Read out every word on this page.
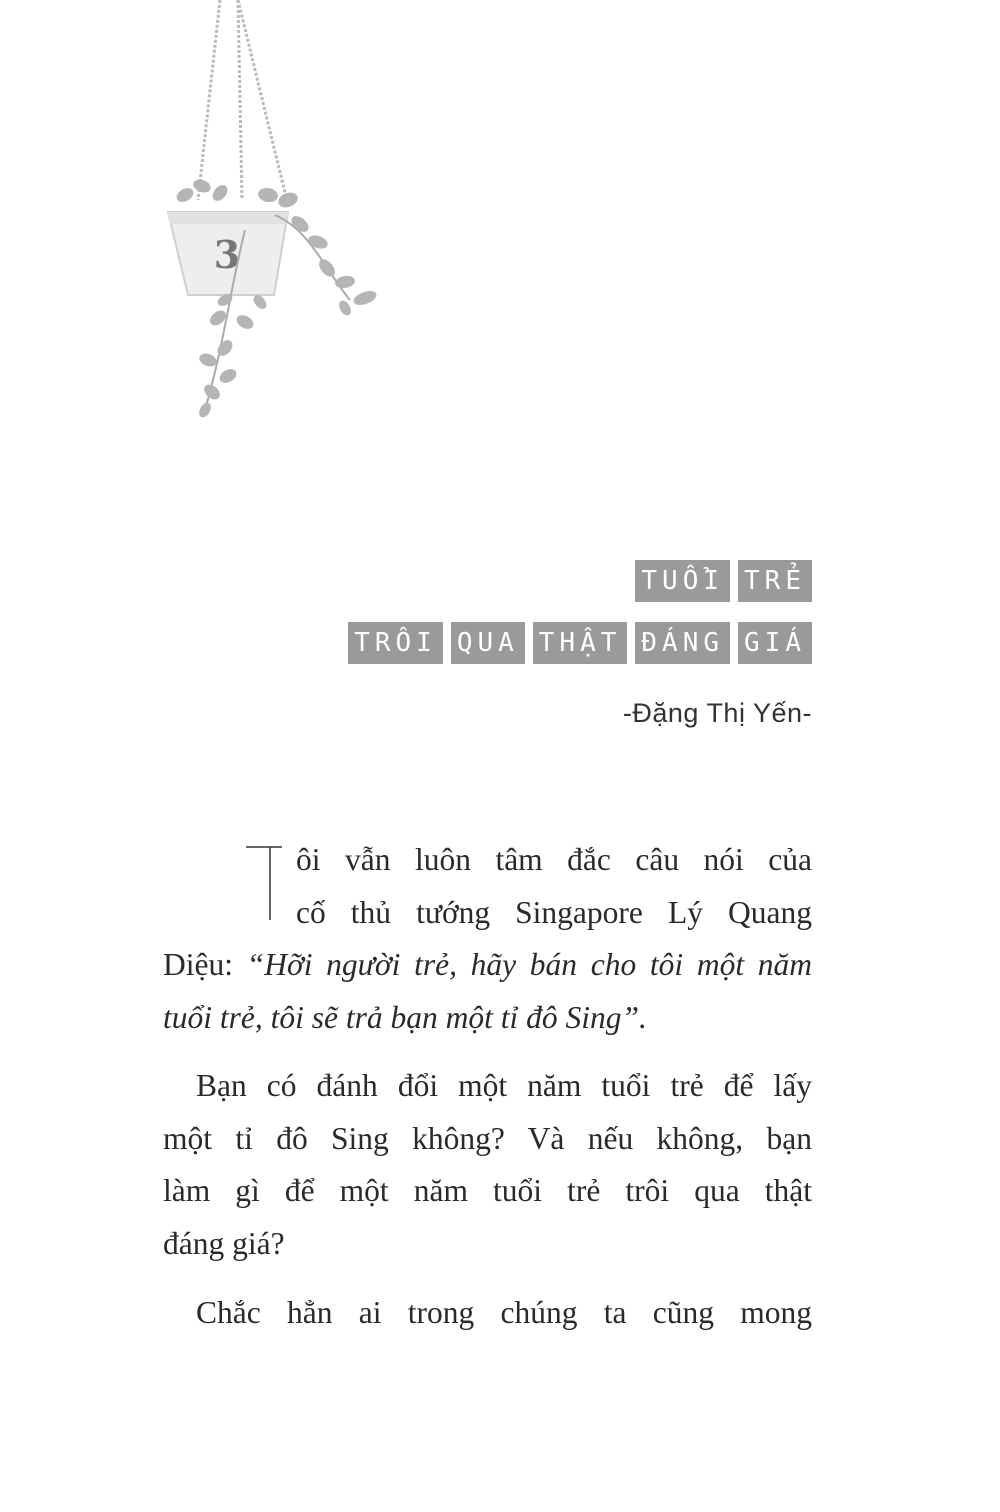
3
TUỔI TRẺ
TRÔI QUA THẬT ĐÁNG GIÁ
-Đặng Thị Yến-
ôi vẫn luôn tâm đắc câu nói của
cố thủ tướng Singapore Lý Quang
Diệu: “Hỡi người trẻ, hãy bán cho tôi một năm
tuổi trẻ, tôi sẽ trả bạn một tỉ đô Sing”.
Bạn có đánh đổi một năm tuổi trẻ để lấy
một tỉ đô Sing không? Và nếu không, bạn
làm gì để một năm tuổi trẻ trôi qua thật
đáng giá?
Chắc hẳn ai trong chúng ta cũng mong
